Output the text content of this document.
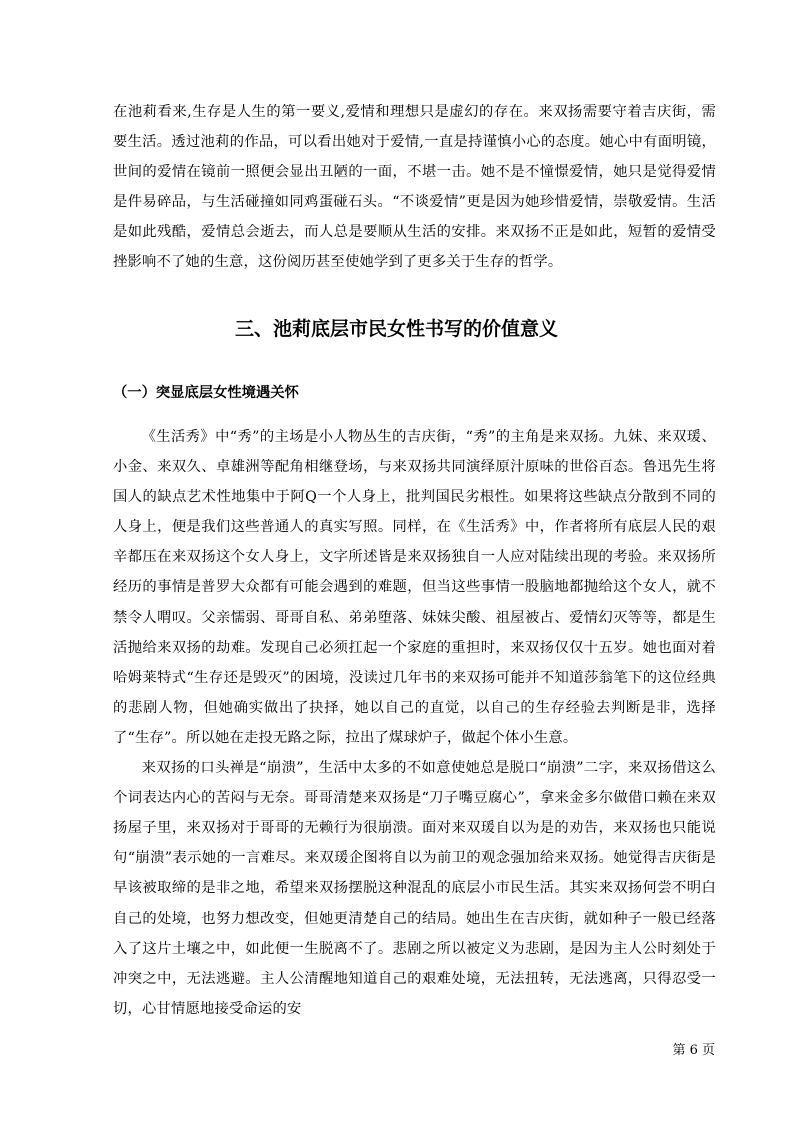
在池莉看来,生存是人生的第一要义,爱情和理想只是虚幻的存在。来双扬需要守着吉庆街，需要生活。透过池莉的作品，可以看出她对于爱情,一直是持谨慎小心的态度。她心中有面明镜，世间的爱情在镜前一照便会显出丑陋的一面，不堪一击。她不是不憧憬爱情，她只是觉得爱情是件易碎品，与生活碰撞如同鸡蛋碰石头。“不谈爱情”更是因为她珍惜爱情，崇敬爱情。生活是如此残酷，爱情总会逝去，而人总是要顺从生活的安排。来双扬不正是如此，短暂的爱情受挫影响不了她的生意，这份阅历甚至使她学到了更多关于生存的哲学。

三、池莉底层市民女性书写的价值意义
（一）突显底层女性境遇关怀

《生活秀》中“秀”的主场是小人物丛生的吉庆街，“秀”的主角是来双扬。九妹、来双瑗、小金、来双久、卓雄洲等配角相继登场，与来双扬共同演绎原汁原味的世俗百态。鲁迅先生将国人的缺点艺术性地集中于阿Q一个人身上，批判国民劣根性。如果将这些缺点分散到不同的人身上，便是我们这些普通人的真实写照。同样，在《生活秀》中，作者将所有底层人民的艰辛都压在来双扬这个女人身上，文字所述皆是来双扬独自一人应对陆续出现的考验。来双扬所经历的事情是普罗大众都有可能会遇到的难题，但当这些事情一股脑地都抛给这个女人，就不禁令人喟叹。父亲懦弱、哥哥自私、弟弟堕落、妹妹尖酸、祖屋被占、爱情幻灭等等，都是生活抛给来双扬的劫难。发现自己必须扛起一个家庭的重担时，来双扬仅仅十五岁。她也面对着哈姆莱特式“生存还是毁灭”的困境，没读过几年书的来双扬可能并不知道莎翁笔下的这位经典的悲剧人物，但她确实做出了抉择，她以自己的直觉，以自己的生存经验去判断是非，选择了“生存”。所以她在走投无路之际，拉出了煤球炉子，做起个体小生意。

来双扬的口头禅是“崩溃”，生活中太多的不如意使她总是脱口“崩溃”二字，来双扬借这么个词表达内心的苦闷与无奈。哥哥清楚来双扬是“刀子嘴豆腐心”，拿来金多尔做借口赖在来双扬屋子里，来双扬对于哥哥的无赖行为很崩溃。面对来双瑗自以为是的劝告，来双扬也只能说句“崩溃”表示她的一言难尽。来双瑗企图将自以为前卫的观念强加给来双扬。她觉得吉庆街是早该被取缔的是非之地，希望来双扬摆脱这种混乱的底层小市民生活。其实来双扬何尝不明白自己的处境，也努力想改变，但她更清楚自己的结局。她出生在吉庆街，就如种子一般已经落入了这片土壤之中，如此便一生脱离不了。悲剧之所以被定义为悲剧，是因为主人公时刻处于冲突之中，无法逃避。主人公清醒地知道自己的艰难处境，无法扭转，无法逃离，只得忍受一切，心甘情愿地接受命运的安

第 6 页
